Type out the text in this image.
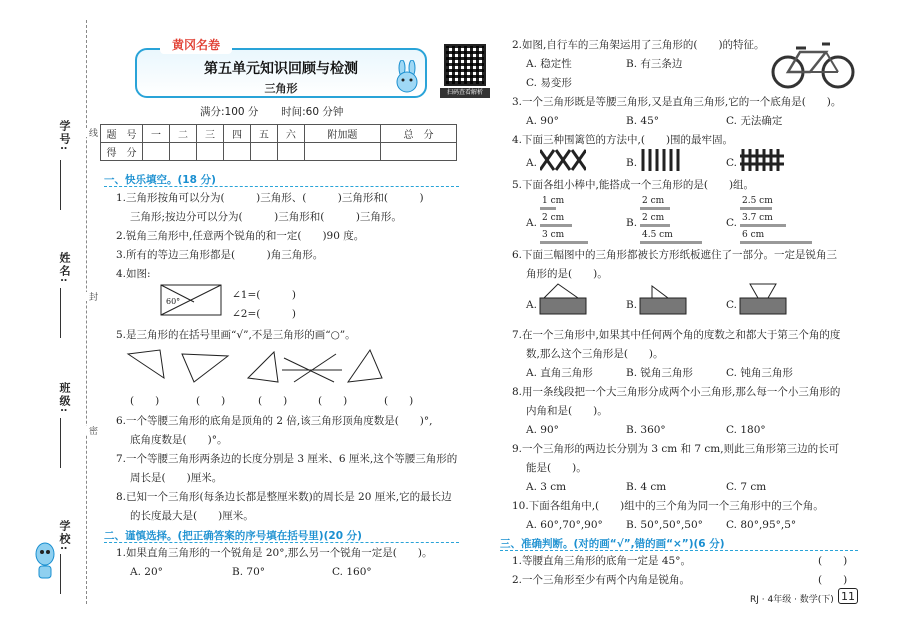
学号: 线
姓名:
封
班级:
密
学校:
第五单元知识回顾与检测
三角形
黄冈名卷
扫码查看解析
满分:100 分 时间:60 分钟
题　号	一	二	三	四	五	六	附加题	总　分
得　分								
一、快乐填空。(18 分)
1.三角形按角可以分为(　　　)三角形、(　　　)三角形和(　　　)
三角形;按边分可以分为(　　　)三角形和(　　　)三角形。
2.锐角三角形中,任意两个锐角的和一定(　　)90 度。
3.所有的等边三角形都是(　　　)角三角形。
4.如图:
60°
∠1=(　　　)
∠2=(　　　)
5.是三角形的在括号里画“√”,不是三角形的画“○”。
(　　)	(　　)	(　　)	(　　)	(　　)
6.一个等腰三角形的底角是顶角的 2 倍,该三角形顶角度数是(　　)°,
底角度数是(　　)°。
7.一个等腰三角形两条边的长度分别是 3 厘米、6 厘米,这个等腰三角形的
周长是(　　)厘米。
8.已知一个三角形(每条边长都是整厘米数)的周长是 20 厘米,它的最长边
的长度最大是(　　)厘米。
二、谨慎选择。(把正确答案的序号填在括号里)(20 分)
1.如果直角三角形的一个锐角是 20°,那么另一个锐角一定是(　　)。
A. 20°	B. 70°	C. 160°
2.如图,自行车的三角架运用了三角形的(　　)的特征。
A. 稳定性	B. 有三条边
C. 易变形
3.一个三角形既是等腰三角形,又是直角三角形,它的一个底角是(　　)。
A. 90°	B. 45°	C. 无法确定
4.下面三种围篱笆的方法中,(　　)围的最牢固。
A.	B.	C.
5.下面各组小棒中,能搭成一个三角形的是(　　)组。
A.
1 cm
2 cm
3 cm
B.
2 cm
2 cm
4.5 cm
C.
2.5 cm
3.7 cm
6 cm
6.下面三幅图中的三角形都被长方形纸板遮住了一部分。一定是锐角三
角形的是(　　)。
A.	B.	C.
7.在一个三角形中,如果其中任何两个角的度数之和都大于第三个角的度
数,那么这个三角形是(　　)。
A. 直角三角形	B. 锐角三角形	C. 钝角三角形
8.用一条线段把一个大三角形分成两个小三角形,那么每一个小三角形的
内角和是(　　)。
A. 90°	B. 360°	C. 180°
9.一个三角形的两边长分别为 3 cm 和 7 cm,则此三角形第三边的长可
能是(　　)。
A. 3 cm	B. 4 cm	C. 7 cm
10.下面各组角中,(　　)组中的三个角为同一个三角形中的三个角。
A. 60°,70°,90° B. 50°,50°,50° C. 80°,95°,5°
三、准确判断。(对的画“√”,错的画“×”)(6 分)
1.等腰直角三角形的底角一定是 45°。	(　　)
2.一个三角形至少有两个内角是锐角。	(　　)
RJ · 4年级 · 数学(下) 11
